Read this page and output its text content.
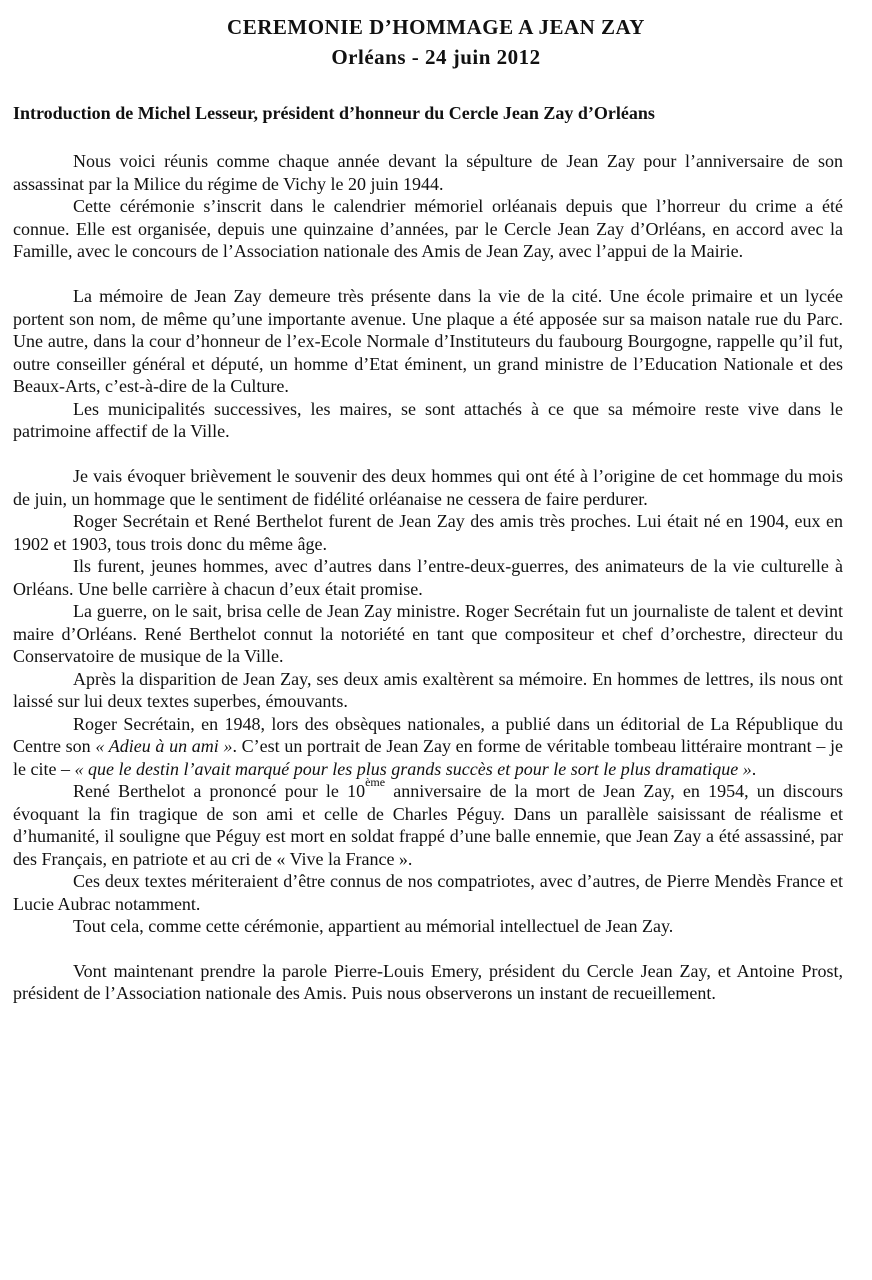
CEREMONIE D’HOMMAGE A JEAN ZAY
Orléans - 24 juin 2012
Introduction de Michel Lesseur, président d’honneur du Cercle Jean Zay d’Orléans

Nous voici réunis comme chaque année devant la sépulture de Jean Zay pour l’anniversaire de son assassinat par la Milice du régime de Vichy le 20 juin 1944.

Cette cérémonie s’inscrit dans le calendrier mémoriel orléanais depuis que l’horreur du crime a été connue. Elle est organisée, depuis une quinzaine d’années, par le Cercle Jean Zay d’Orléans, en accord avec la Famille, avec le concours de l’Association nationale des Amis de Jean Zay, avec l’appui de la Mairie.

La mémoire de Jean Zay demeure très présente dans la vie de la cité. Une école primaire et un lycée portent son nom, de même qu’une importante avenue. Une plaque a été apposée sur sa maison natale rue du Parc. Une autre, dans la cour d’honneur de l’ex-Ecole Normale d’Instituteurs du faubourg Bourgogne, rappelle qu’il fut, outre conseiller général et député, un homme d’Etat éminent, un grand ministre de l’Education Nationale et des Beaux-Arts, c’est-à-dire de la Culture.

Les municipalités successives, les maires, se sont attachés à ce que sa mémoire reste vive dans le patrimoine affectif de la Ville.

Je vais évoquer brièvement le souvenir des deux hommes qui ont été à l’origine de cet hommage du mois de juin, un hommage que le sentiment de fidélité orléanaise ne cessera de faire perdurer.

Roger Secrétain et René Berthelot furent de Jean Zay des amis très proches. Lui était né en 1904, eux en 1902 et 1903, tous trois donc du même âge.

Ils furent, jeunes hommes, avec d’autres dans l’entre-deux-guerres, des animateurs de la vie culturelle à Orléans. Une belle carrière à chacun d’eux était promise.

La guerre, on le sait, brisa celle de Jean Zay ministre. Roger Secrétain fut un journaliste de talent et devint maire d’Orléans. René Berthelot connut la notoriété en tant que compositeur et chef d’orchestre, directeur du Conservatoire de musique de la Ville.

Après la disparition de Jean Zay, ses deux amis exaltèrent sa mémoire. En hommes de lettres, ils nous ont laissé sur lui deux textes superbes, émouvants.

Roger Secrétain, en 1948, lors des obsèques nationales, a publié dans un éditorial de La République du Centre son « Adieu à un ami ». C’est un portrait de Jean Zay en forme de véritable tombeau littéraire montrant – je le cite – « que le destin l’avait marqué pour les plus grands succès et pour le sort le plus dramatique ».

René Berthelot a prononcé pour le 10ème anniversaire de la mort de Jean Zay, en 1954, un discours évoquant la fin tragique de son ami et celle de Charles Péguy. Dans un parallèle saisissant de réalisme et d’humanité, il souligne que Péguy est mort en soldat frappé d’une balle ennemie, que Jean Zay a été assassiné, par des Français, en patriote et au cri de « Vive la France ».

Ces deux textes mériteraient d’être connus de nos compatriotes, avec d’autres, de Pierre Mendès France et Lucie Aubrac notamment.

Tout cela, comme cette cérémonie, appartient au mémorial intellectuel de Jean Zay.

Vont maintenant prendre la parole Pierre-Louis Emery, président du Cercle Jean Zay, et Antoine Prost, président de l’Association nationale des Amis. Puis nous observerons un instant de recueillement.
